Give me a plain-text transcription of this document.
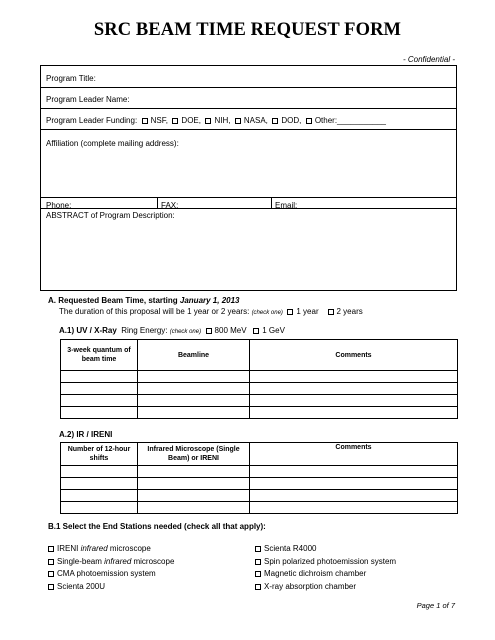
SRC BEAM TIME REQUEST FORM
- Confidential -
Program Title:
Program Leader Name:
Program Leader Funding: NSF, DOE, NIH, NASA, DOD, Other:___________
Affiliation (complete mailing address):
Phone:	FAX:	Email:
ABSTRACT of Program Description:
A. Requested Beam Time, starting January 1, 2013
The duration of this proposal will be 1 year or 2 years: (check one) 1 year 2 years
A.1) UV / X-Ray Ring Energy: (check one) 800 MeV 1 GeV
3-week quantum of beam time	Beamline	Comments

A.2) IR / IRENI
Number of 12-hour shifts	Infrared Microscope (Single Beam) or IRENI	Comments

B.1 Select the End Stations needed (check all that apply):
IRENI infrared microscope
Single-beam infrared microscope
CMA photoemission system
Scienta 200U
Scienta R4000
Spin polarized photoemission system
Magnetic dichroism chamber
X-ray absorption chamber
Page 1 of 7
